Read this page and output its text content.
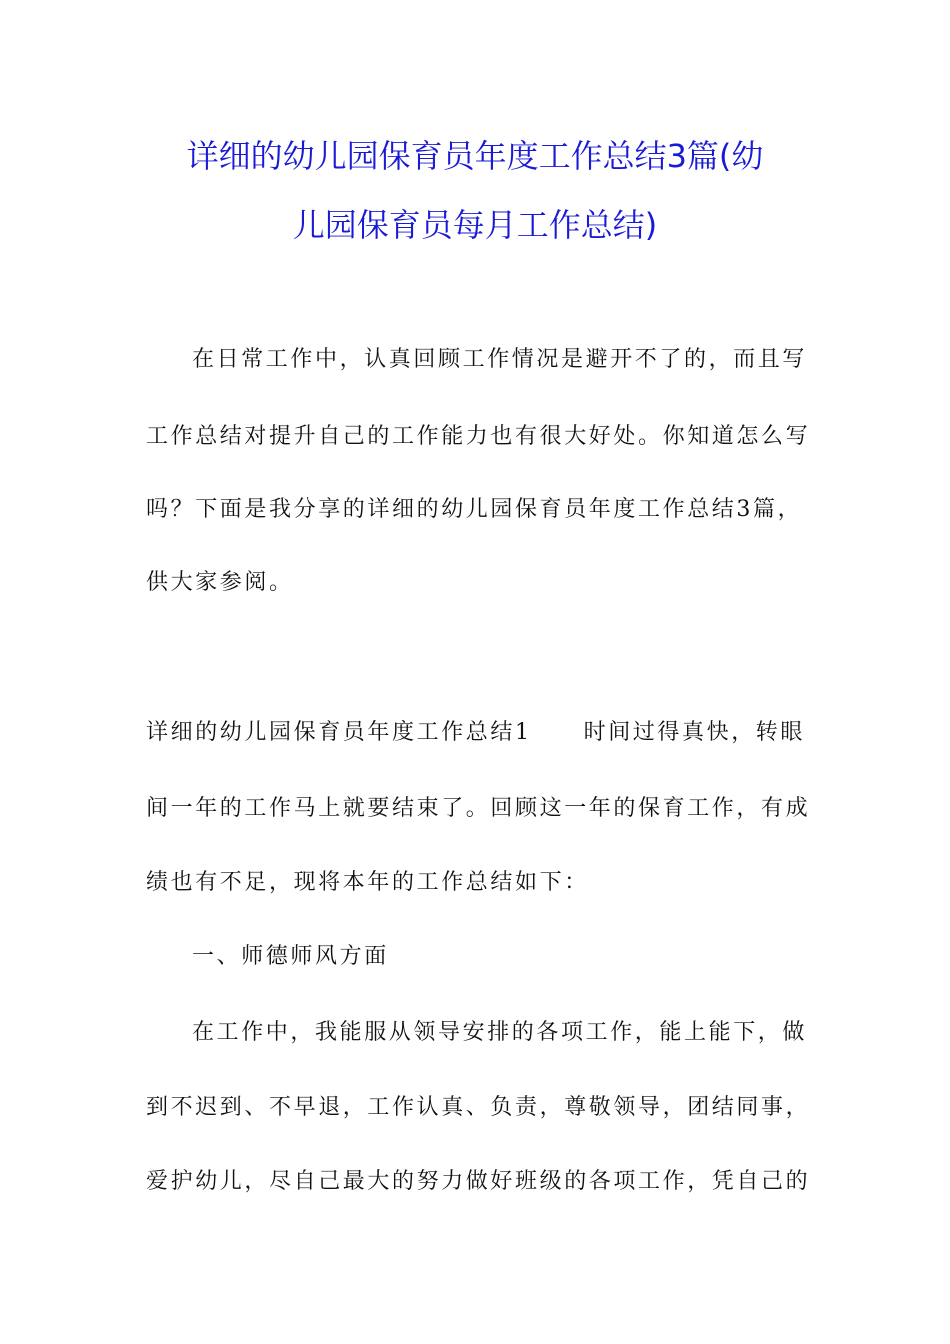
详细的幼儿园保育员年度工作总结3篇(幼
儿园保育员每月工作总结)
在日常工作中，认真回顾工作情况是避开不了的，而且写
工作总结对提升自己的工作能力也有很大好处。你知道怎么写
吗？下面是我分享的详细的幼儿园保育员年度工作总结3篇，
供大家参阅。
详细的幼儿园保育员年度工作总结1 时间过得真快，转眼
间一年的工作马上就要结束了。回顾这一年的保育工作，有成
绩也有不足，现将本年的工作总结如下：
一、师德师风方面
在工作中，我能服从领导安排的各项工作，能上能下，做
到不迟到、不早退，工作认真、负责，尊敬领导，团结同事，
爱护幼儿，尽自己最大的努力做好班级的各项工作，凭自己的
